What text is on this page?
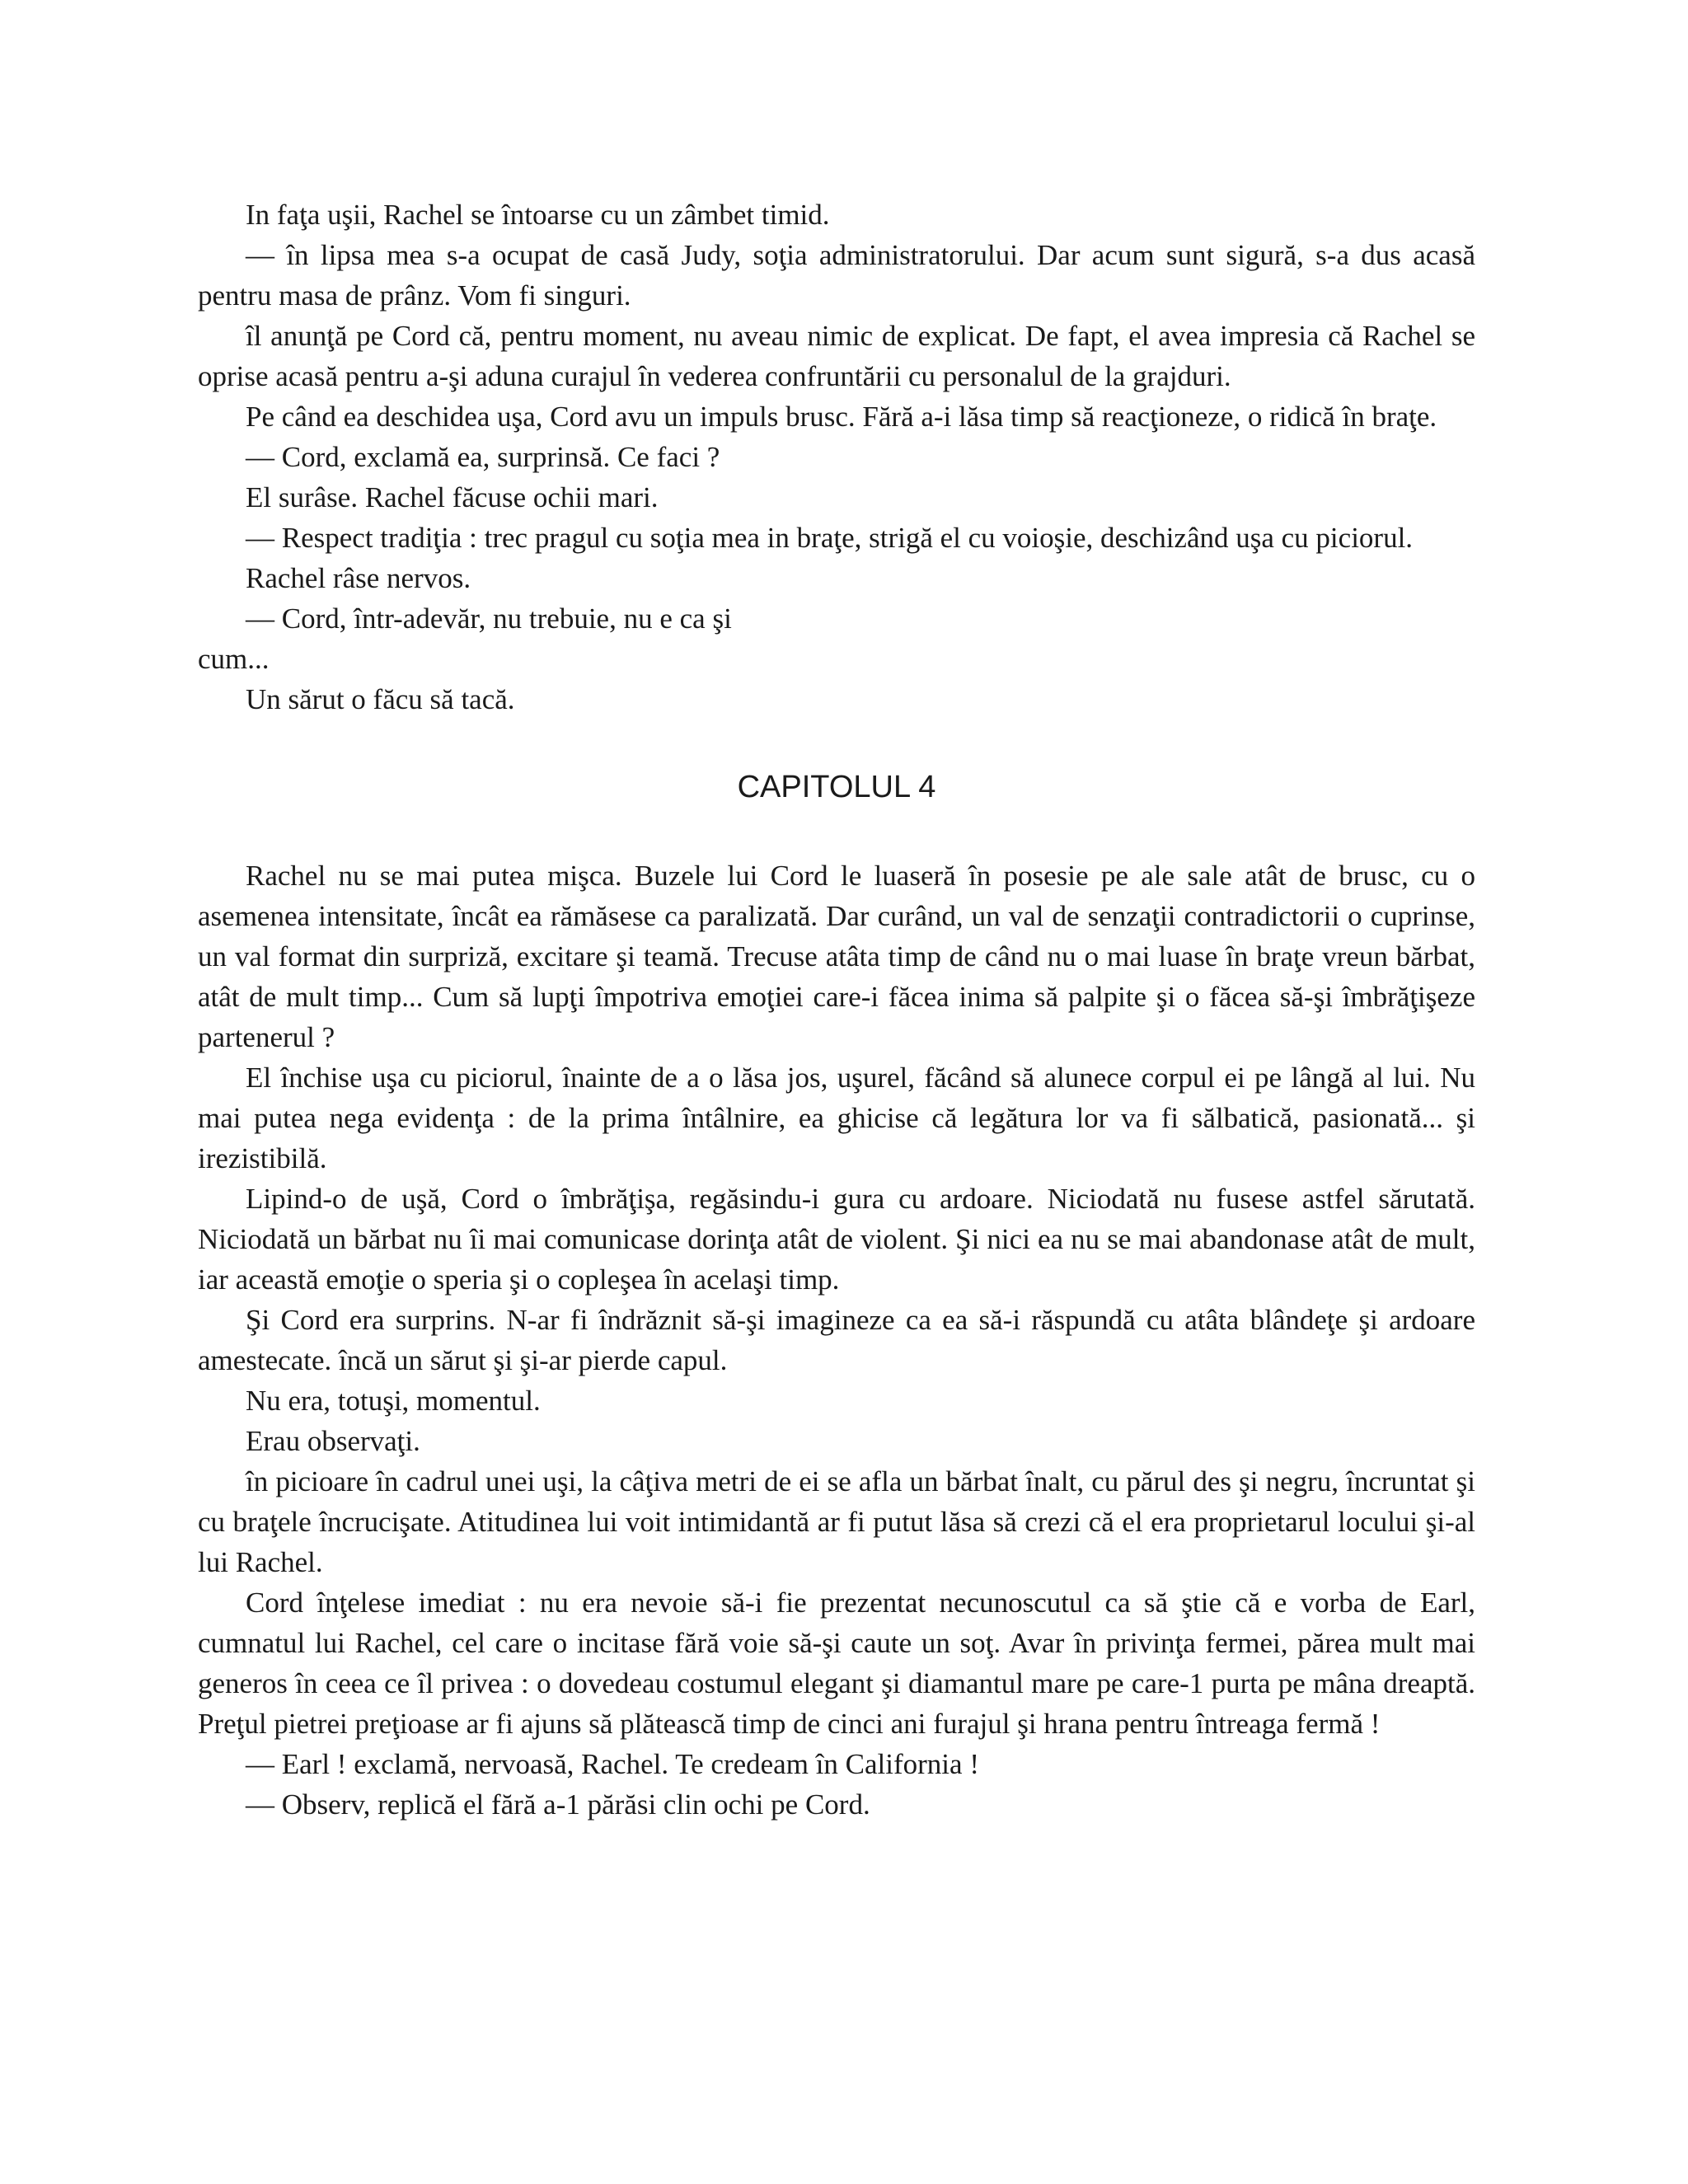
In faţa uşii, Rachel se întoarse cu un zâmbet timid.

— în lipsa mea s-a ocupat de casă Judy, soţia administratorului. Dar acum sunt sigură, s-a dus acasă pentru masa de prânz. Vom fi singuri.

îl anunţă pe Cord că, pentru moment, nu aveau nimic de explicat. De fapt, el avea impresia că Rachel se oprise acasă pentru a-şi aduna curajul în vederea confruntării cu personalul de la grajduri.

Pe când ea deschidea uşa, Cord avu un impuls brusc. Fără a-i lăsa timp să reacţioneze, o ridică în braţe.

— Cord, exclamă ea, surprinsă. Ce faci ?

El surâse. Rachel făcuse ochii mari.

— Respect tradiţia : trec pragul cu soţia mea in braţe, strigă el cu voioşie, deschizând uşa cu piciorul.

Rachel râse nervos.

— Cord, într-adevăr, nu trebuie, nu e ca şi

cum...

Un sărut o făcu să tacă.

CAPITOLUL 4

Rachel nu se mai putea mişca. Buzele lui Cord le luaseră în posesie pe ale sale atât de brusc, cu o asemenea intensitate, încât ea rămăsese ca paralizată. Dar curând, un val de senzaţii contradictorii o cuprinse, un val format din surpriză, excitare şi teamă. Trecuse atâta timp de când nu o mai luase în braţe vreun bărbat, atât de mult timp... Cum să lupţi împotriva emoţiei care-i făcea inima să palpite şi o făcea să-şi îmbrăţişeze partenerul ?

El închise uşa cu piciorul, înainte de a o lăsa jos, uşurel, făcând să alunece corpul ei pe lângă al lui. Nu mai putea nega evidenţa : de la prima întâlnire, ea ghicise că legătura lor va fi sălbatică, pasionată... şi irezistibilă.

Lipind-o de uşă, Cord o îmbrăţişa, regăsindu-i gura cu ardoare. Niciodată nu fusese astfel sărutată. Niciodată un bărbat nu îi mai comunicase dorinţa atât de violent. Şi nici ea nu se mai abandonase atât de mult, iar această emoţie o speria şi o copleşea în acelaşi timp.

Şi Cord era surprins. N-ar fi îndrăznit să-şi imagineze ca ea să-i răspundă cu atâta blândeţe şi ardoare amestecate. încă un sărut şi şi-ar pierde capul.

Nu era, totuşi, momentul.

Erau observaţi.

în picioare în cadrul unei uşi, la câţiva metri de ei se afla un bărbat înalt, cu părul des şi negru, încruntat şi cu braţele încrucişate. Atitudinea lui voit intimidantă ar fi putut lăsa să crezi că el era proprietarul locului şi-al lui Rachel.

Cord înţelese imediat : nu era nevoie să-i fie prezentat necunoscutul ca să ştie că e vorba de Earl, cumnatul lui Rachel, cel care o incitase fără voie să-şi caute un soţ. Avar în privinţa fermei, părea mult mai generos în ceea ce îl privea : o dovedeau costumul elegant şi diamantul mare pe care-1 purta pe mâna dreaptă. Preţul pietrei preţioase ar fi ajuns să plătească timp de cinci ani furajul şi hrana pentru întreaga fermă !

— Earl ! exclamă, nervoasă, Rachel. Te credeam în California !

— Observ, replică el fără a-1 părăsi clin ochi pe Cord.
